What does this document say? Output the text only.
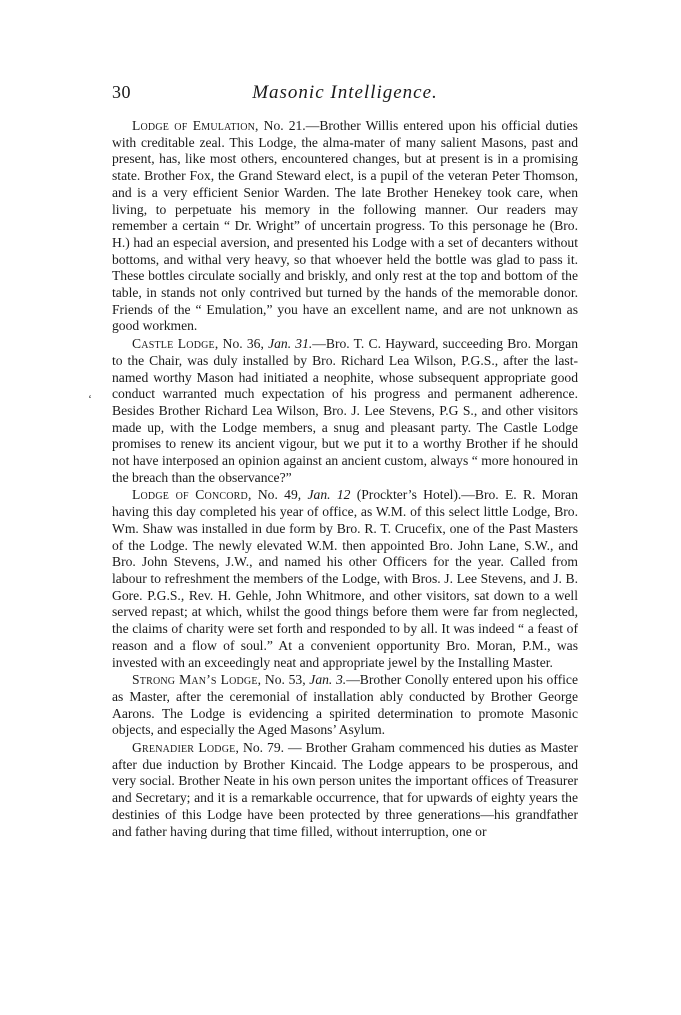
30	Masonic Intelligence.

Lodge of Emulation, No. 21.—Brother Willis entered upon his official duties with creditable zeal. This Lodge, the alma-mater of many salient Masons, past and present, has, like most others, encountered changes, but at present is in a promising state. Brother Fox, the Grand Steward elect, is a pupil of the veteran Peter Thomson, and is a very efficient Senior Warden. The late Brother Henekey took care, when living, to perpetuate his memory in the following manner. Our readers may remember a certain “ Dr. Wright” of uncertain progress. To this personage he (Bro. H.) had an especial aversion, and presented his Lodge with a set of decanters without bottoms, and withal very heavy, so that whoever held the bottle was glad to pass it. These bottles circulate socially and briskly, and only rest at the top and bottom of the table, in stands not only contrived but turned by the hands of the memorable donor. Friends of the “ Emulation,” you have an excellent name, and are not unknown as good workmen.

Castle Lodge, No. 36, Jan. 31.—Bro. T. C. Hayward, succeeding Bro. Morgan to the Chair, was duly installed by Bro. Richard Lea Wilson, P.G.S., after the last-named worthy Mason had initiated a neophite, whose subsequent appropriate good conduct warranted much expectation of his progress and permanent adherence. Besides Brother Richard Lea Wilson, Bro. J. Lee Stevens, P.G S., and other visitors made up, with the Lodge members, a snug and pleasant party. The Castle Lodge promises to renew its ancient vigour, but we put it to a worthy Brother if he should not have interposed an opinion against an ancient custom, always “ more honoured in the breach than the observance?”

Lodge of Concord, No. 49, Jan. 12 (Prockter’s Hotel).—Bro. E. R. Moran having this day completed his year of office, as W.M. of this select little Lodge, Bro. Wm. Shaw was installed in due form by Bro. R. T. Crucefix, one of the Past Masters of the Lodge. The newly elevated W.M. then appointed Bro. John Lane, S.W., and Bro. John Stevens, J.W., and named his other Officers for the year. Called from labour to refreshment the members of the Lodge, with Bros. J. Lee Stevens, and J. B. Gore. P.G.S., Rev. H. Gehle, John Whitmore, and other visitors, sat down to a well served repast; at which, whilst the good things before them were far from neglected, the claims of charity were set forth and responded to by all. It was indeed “ a feast of reason and a flow of soul.” At a convenient opportunity Bro. Moran, P.M., was invested with an exceedingly neat and appropriate jewel by the Installing Master.

Strong Man’s Lodge, No. 53, Jan. 3.—Brother Conolly entered upon his office as Master, after the ceremonial of installation ably conducted by Brother George Aarons. The Lodge is evidencing a spirited determination to promote Masonic objects, and especially the Aged Masons’ Asylum.

Grenadier Lodge, No. 79. — Brother Graham commenced his duties as Master after due induction by Brother Kincaid. The Lodge appears to be prosperous, and very social. Brother Neate in his own person unites the important offices of Treasurer and Secretary; and it is a remarkable occurrence, that for upwards of eighty years the destinies of this Lodge have been protected by three generations—his grandfather and father having during that time filled, without interruption, one or

‘
